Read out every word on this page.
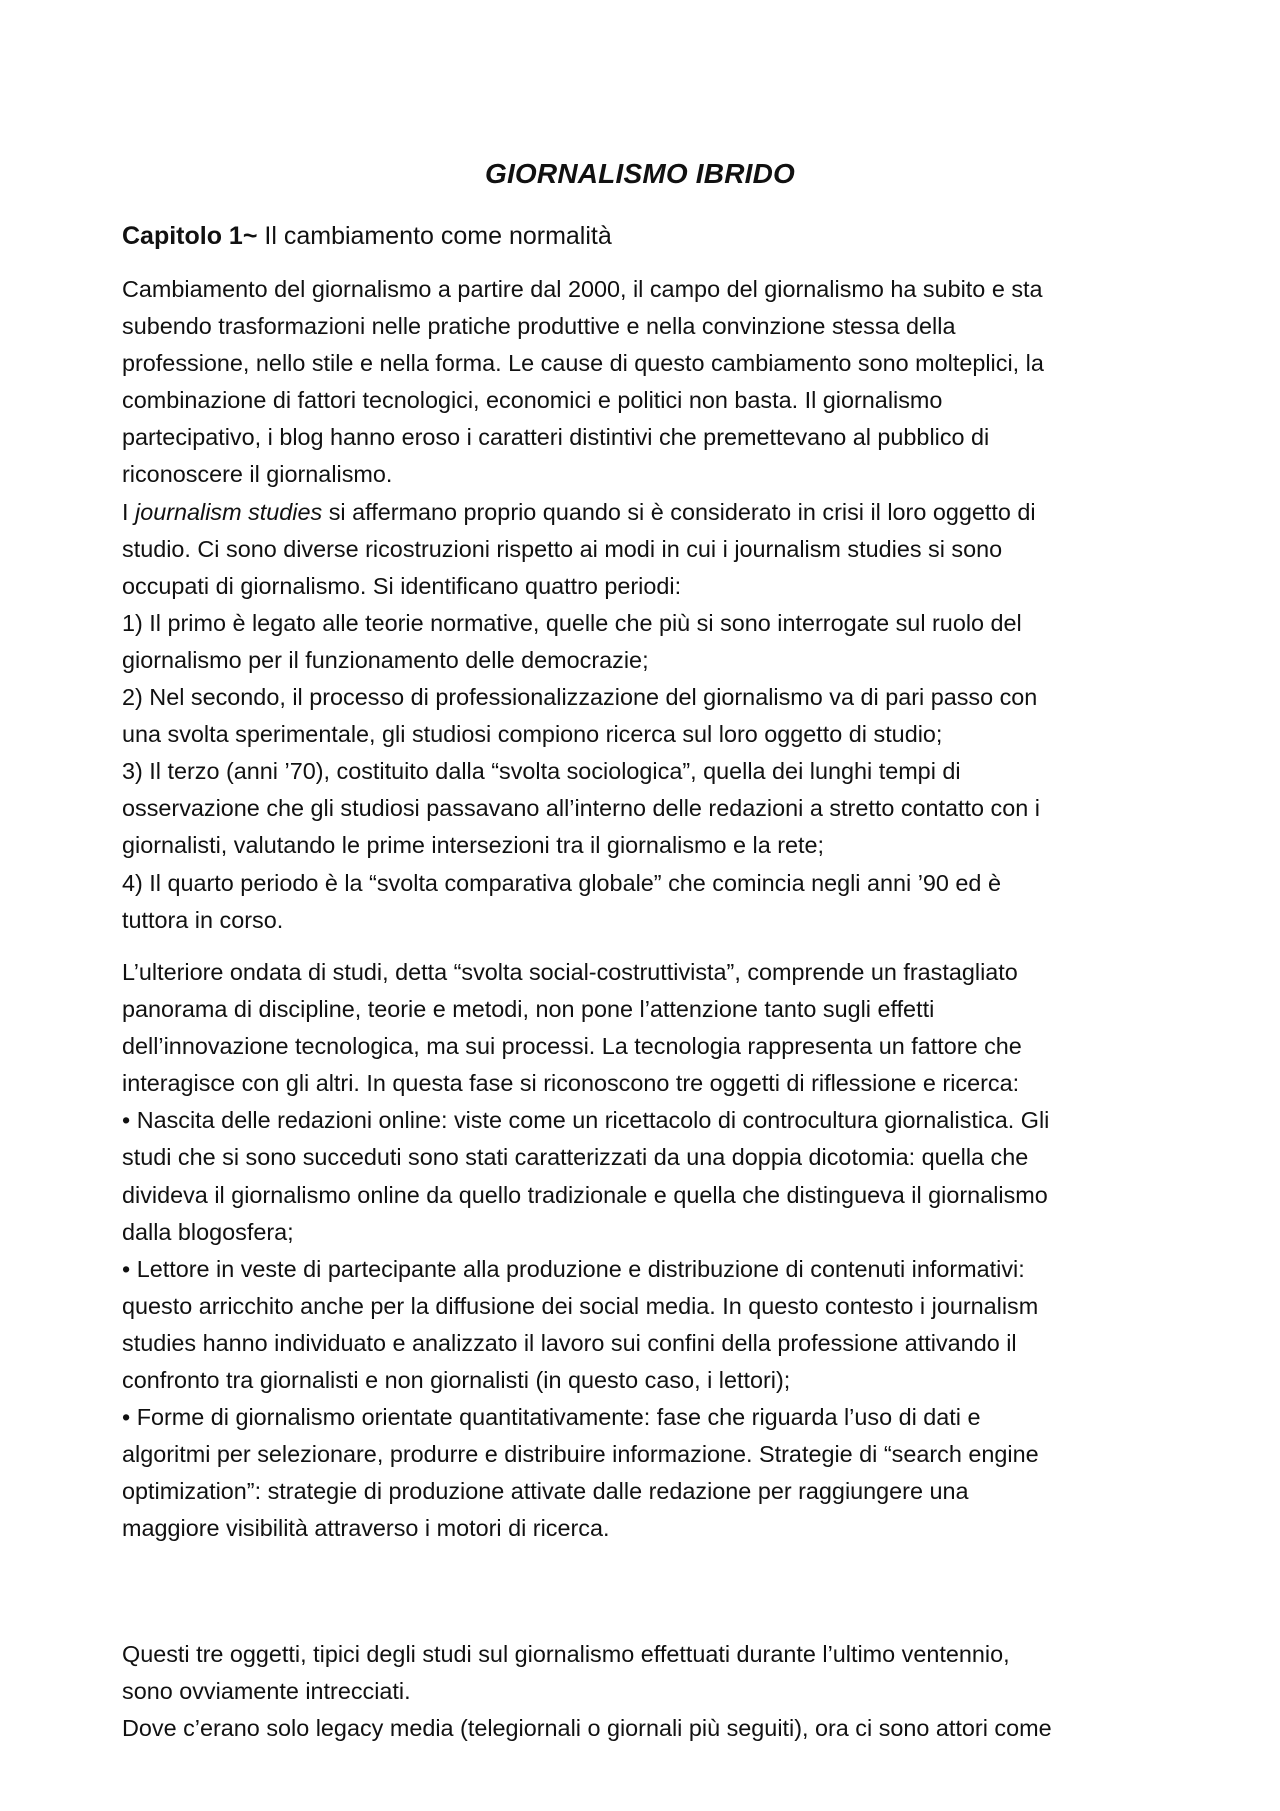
GIORNALISMO IBRIDO

Capitolo 1~ Il cambiamento come normalità

Cambiamento del giornalismo a partire dal 2000, il campo del giornalismo ha subito e sta
subendo trasformazioni nelle pratiche produttive e nella convinzione stessa della
professione, nello stile e nella forma. Le cause di questo cambiamento sono molteplici, la
combinazione di fattori tecnologici, economici e politici non basta. Il giornalismo
partecipativo, i blog hanno eroso i caratteri distintivi che premettevano al pubblico di
riconoscere il giornalismo.
I journalism studies si affermano proprio quando si è considerato in crisi il loro oggetto di
studio. Ci sono diverse ricostruzioni rispetto ai modi in cui i journalism studies si sono
occupati di giornalismo. Si identificano quattro periodi:
1) Il primo è legato alle teorie normative, quelle che più si sono interrogate sul ruolo del
giornalismo per il funzionamento delle democrazie;
2) Nel secondo, il processo di professionalizzazione del giornalismo va di pari passo con
una svolta sperimentale, gli studiosi compiono ricerca sul loro oggetto di studio;
3) Il terzo (anni ’70), costituito dalla “svolta sociologica”, quella dei lunghi tempi di
osservazione che gli studiosi passavano all’interno delle redazioni a stretto contatto con i
giornalisti, valutando le prime intersezioni tra il giornalismo e la rete;
4) Il quarto periodo è la “svolta comparativa globale” che comincia negli anni ’90 ed è
tuttora in corso.
L’ulteriore ondata di studi, detta “svolta social-costruttivista”, comprende un frastagliato
panorama di discipline, teorie e metodi, non pone l’attenzione tanto sugli effetti
dell’innovazione tecnologica, ma sui processi. La tecnologia rappresenta un fattore che
interagisce con gli altri. In questa fase si riconoscono tre oggetti di riflessione e ricerca:
• Nascita delle redazioni online: viste come un ricettacolo di controcultura giornalistica. Gli
studi che si sono succeduti sono stati caratterizzati da una doppia dicotomia: quella che
divideva il giornalismo online da quello tradizionale e quella che distingueva il giornalismo
dalla blogosfera;
• Lettore in veste di partecipante alla produzione e distribuzione di contenuti informativi:
questo arricchito anche per la diffusione dei social media. In questo contesto i journalism
studies hanno individuato e analizzato il lavoro sui confini della professione attivando il
confronto tra giornalisti e non giornalisti (in questo caso, i lettori);
• Forme di giornalismo orientate quantitativamente: fase che riguarda l’uso di dati e
algoritmi per selezionare, produrre e distribuire informazione. Strategie di “search engine
optimization”: strategie di produzione attivate dalle redazione per raggiungere una
maggiore visibilità attraverso i motori di ricerca.
Questi tre oggetti, tipici degli studi sul giornalismo effettuati durante l’ultimo ventennio,
sono ovviamente intrecciati.
Dove c’erano solo legacy media (telegiornali o giornali più seguiti), ora ci sono attori come
